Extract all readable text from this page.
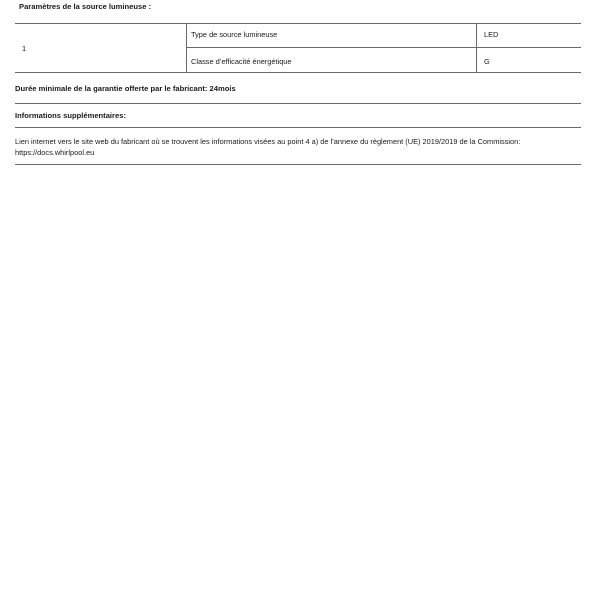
Paramètres de la source lumineuse :
1
Type de source lumineuse	LED
Classe d’efficacité énergétique	G
Durée minimale de la garantie offerte par le fabricant: 24mois
Informations supplémentaires:
Lien internet vers le site web du fabricant où se trouvent les informations visées au point 4 a) de l’annexe du règlement (UE) 2019/2019 de la Commission: https://docs.whirlpool.eu
